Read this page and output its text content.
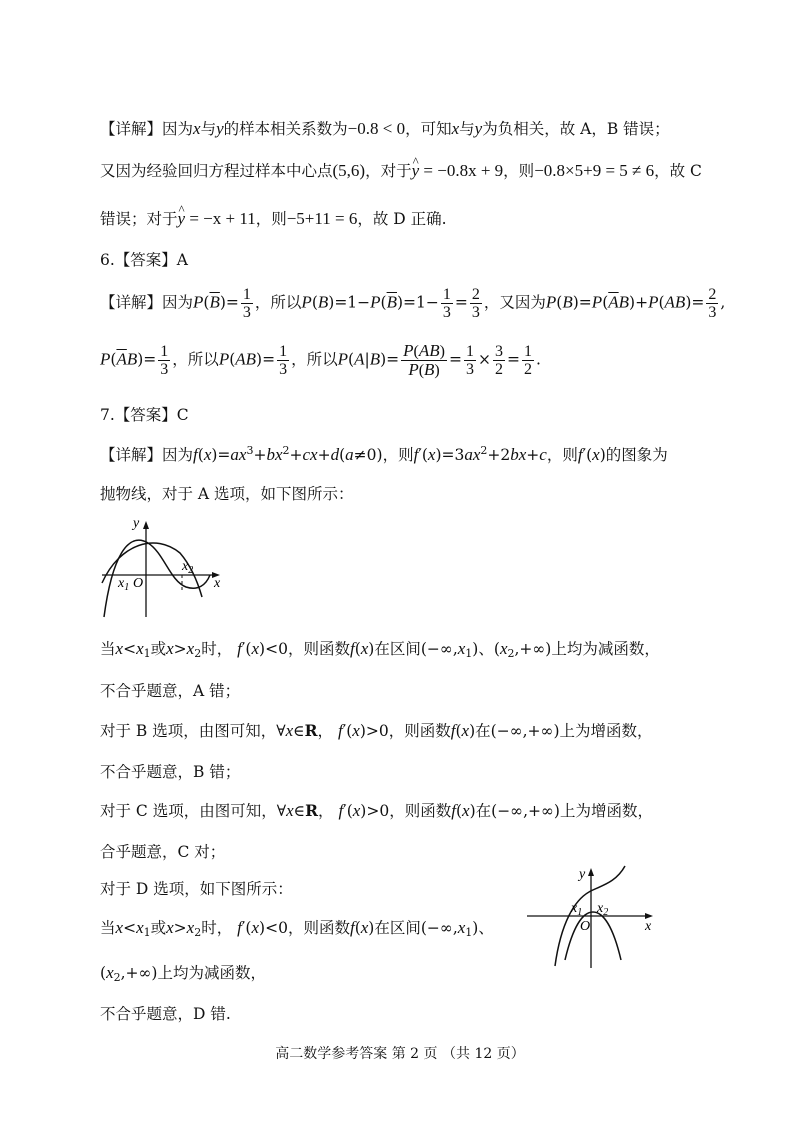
【详解】因为x与y的样本相关系数为−0.8 < 0，可知x与y为负相关，故 A，B 错误；
又因为经验回归方程过样本中心点(5,6)，对于^ y = −0.8x + 9，则−0.8×5+9 = 5 ≠ 6，故 C
错误；对于^ y = −x + 11，则−5+11 = 6，故 D 正确.
6.【答案】A
【详解】因为$P(\overline{B})= \frac{1}{3}$ ，所以$P(B)=1-P(\overline{B})=1- \frac{1}{3} = \frac{2}{3}$ ，又因为$P(B)=P(\overline{A}B)+P(AB)= \frac{2}{3}$ ,
$P(\overline{A}B)= \frac{1}{3}$ ，所以$P(AB)= \frac{1}{3}$ ，所以$P(A|B)= \frac{P(AB)}{P(B)} = \frac{1}{3} \times \frac{3}{2} = \frac{1}{2}$ .
7.【答案】C
【详解】因为$f(x)=ax^3+bx^2+cx+d(a\ne 0)$，则$f'(x)=3ax^2+2bx+c$，则f′(x)的图象为
抛物线，对于 A 选项，如下图所示：
y
x
O
$x_1$
$x_2$
当$x<x_1$或$x>x_2$时， f′(x)<0，则函数f(x)在区间$(-\infty,x_1)$、$(x_2,+\infty)$上均为减函数，
不合乎题意，A 错；
对于 B 选项，由图可知，∀x∈R， f′(x)>0，则函数f(x)在(−∞,+∞)上为增函数，
不合乎题意，B 错；
对于 C 选项，由图可知，∀x∈R， f′(x)>0，则函数f(x)在(−∞,+∞)上为增函数，
合乎题意，C 对；
对于 D 选项，如下图所示：
当$x<x_1$或$x>x_2$时， f′(x)<0，则函数f(x)在区间$(-\infty,x_1)$、
$(x_2,+\infty)$上均为减函数，
不合乎题意，D 错.
y
x
O
$x_1$ $x_2$
高二数学参考答案 第 2 页 （共 12 页）
